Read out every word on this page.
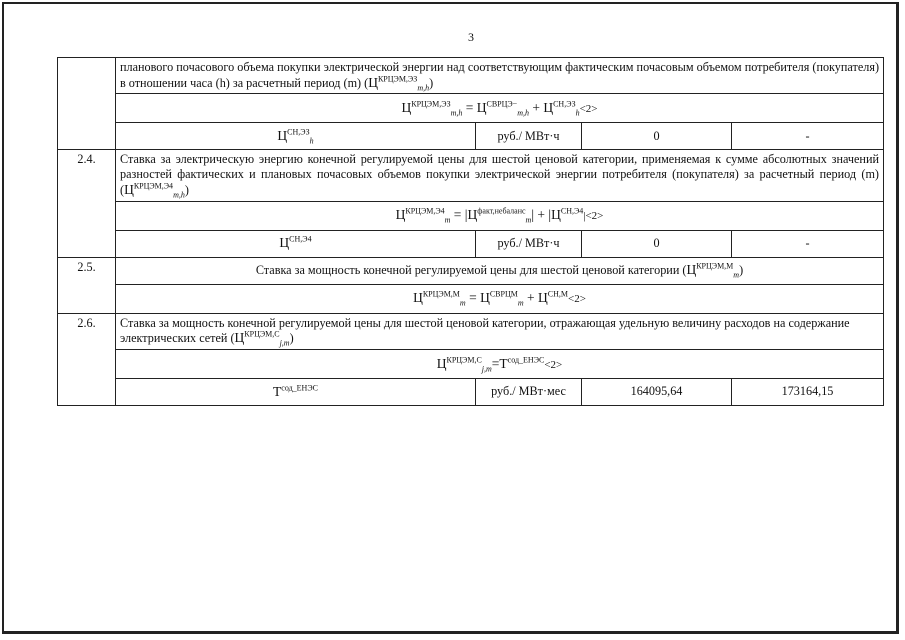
3
	планового почасового объема покупки электрической энергии над соответствующим фактическим почасовым объемом потребителя (покупателя) в отношении часа (h) за расчетный период (m) $(Ц^{КРЦЭМ,ЭЗ}_{m,h})$			
	$Ц^{КРЦЭМ,ЭЗ}_{m,h} = Ц^{СВРЦЭ-}_{m,h} + Ц^{СН,ЭЗ}_h<2>$			
	$Ц^{СН,ЭЗ}_h$	руб./ МВт·ч	0	-
2.4.	Ставка за электрическую энергию конечной регулируемой цены для шестой ценовой категории, применяемая к сумме абсолютных значений разностей фактических и плановых почасовых объемов покупки электрической энергии потребителя (покупателя) за расчетный период (m) $(Ц^{КРЦЭМ,Э4}_{m,h})$			
	$Ц^{КРЦЭМ,Э4}_m = |Ц^{факт,небаланс}_m| + |Ц^{СН,Э4}|<2>$			
	$Ц^{СН,Э4}$	руб./ МВт·ч	0	-
2.5.	Ставка за мощность конечной регулируемой цены для шестой ценовой категории $(Ц^{КРЦЭМ,М}_m)$			
	$Ц^{КРЦЭМ,М}_m = Ц^{СВРЦМ}_m + Ц^{СН,М}<2>$			
2.6.	Ставка за мощность конечной регулируемой цены для шестой ценовой категории, отражающая удельную величину расходов на содержание электрических сетей $(Ц^{КРЦЭМ,С}_{j,m})$			
	$Ц^{КРЦЭМ,С}_{j,m}=Т^{сод\_ЕНЭС}<2>$			
	$Т^{сод\_ЕНЭС}$	руб./ МВт·мес	164095,64	173164,15
